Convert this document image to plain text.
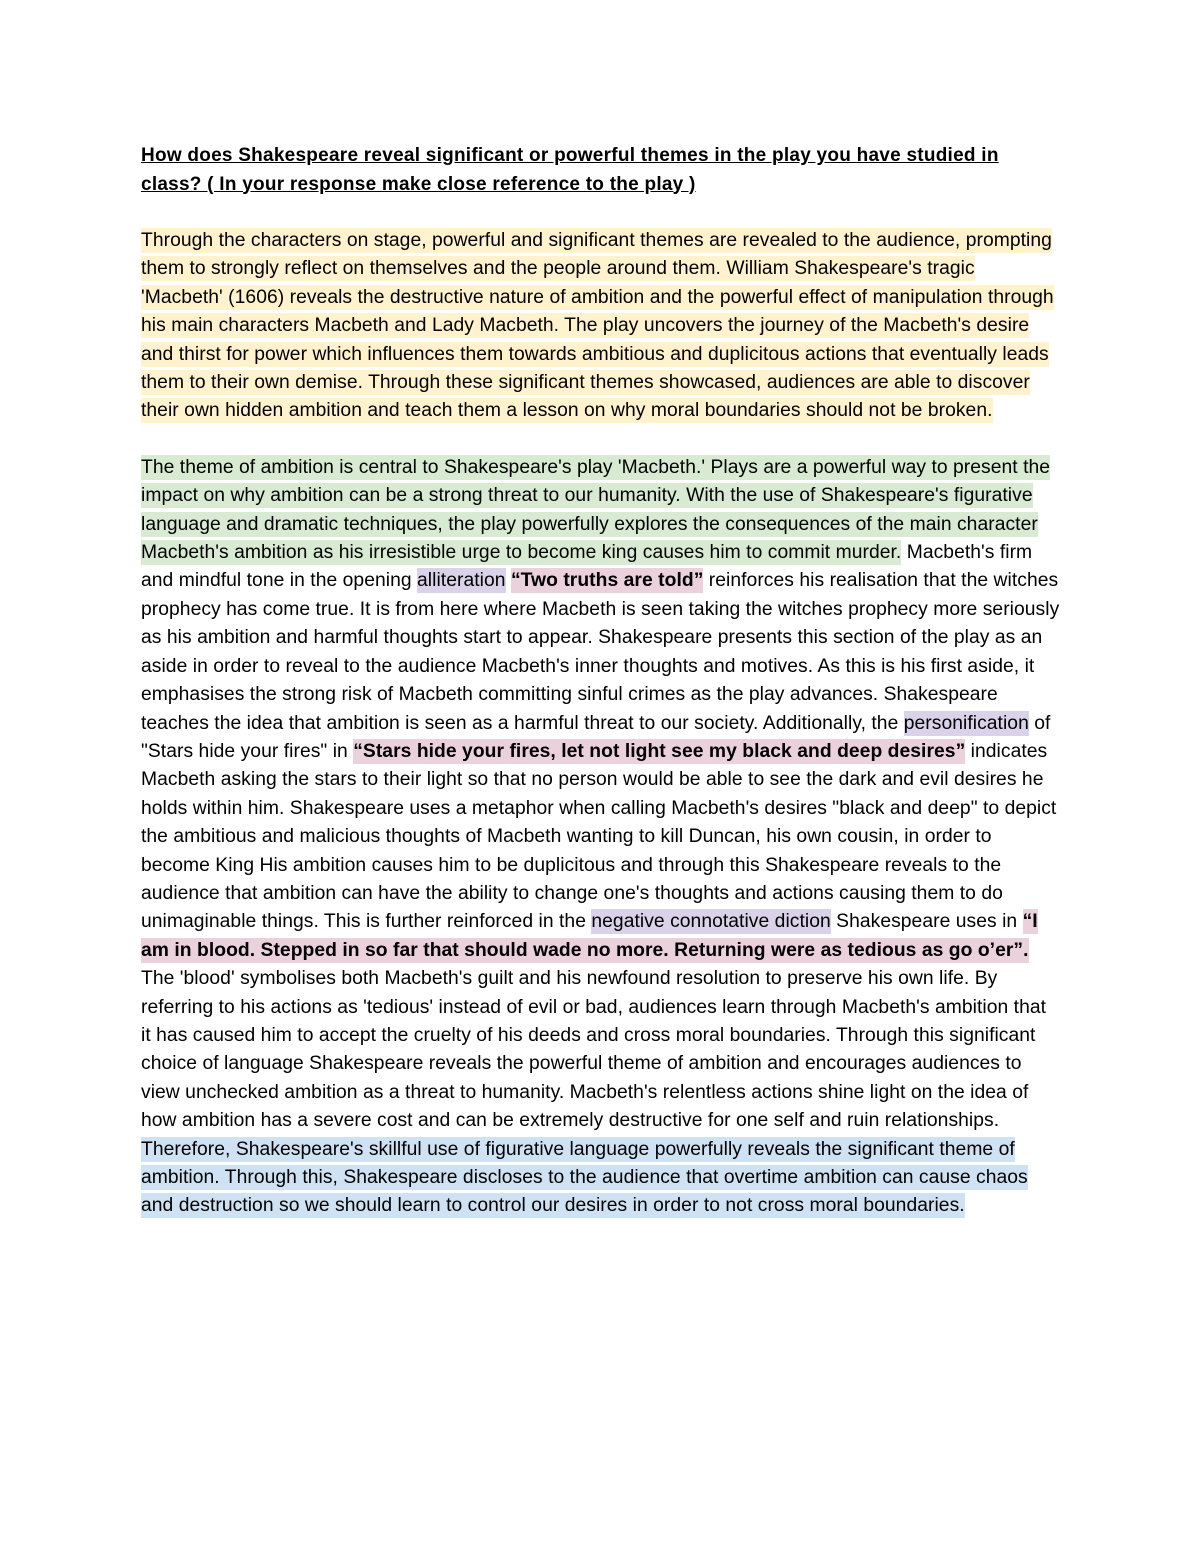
How does Shakespeare reveal significant or powerful themes in the play you have studied in class? ( In your response make close reference to the play )

Through the characters on stage, powerful and significant themes are revealed to the audience, prompting them to strongly reflect on themselves and the people around them. William Shakespeare's tragic 'Macbeth' (1606) reveals the destructive nature of ambition and the powerful effect of manipulation through his main characters Macbeth and Lady Macbeth. The play uncovers the journey of the Macbeth's desire and thirst for power which influences them towards ambitious and duplicitous actions that eventually leads them to their own demise. Through these significant themes showcased, audiences are able to discover their own hidden ambition and teach them a lesson on why moral boundaries should not be broken.

The theme of ambition is central to Shakespeare's play 'Macbeth.' Plays are a powerful way to present the impact on why ambition can be a strong threat to our humanity. With the use of Shakespeare's figurative language and dramatic techniques, the play powerfully explores the consequences of the main character Macbeth's ambition as his irresistible urge to become king causes him to commit murder. Macbeth's firm and mindful tone in the opening alliteration “Two truths are told” reinforces his realisation that the witches prophecy has come true. It is from here where Macbeth is seen taking the witches prophecy more seriously as his ambition and harmful thoughts start to appear. Shakespeare presents this section of the play as an aside in order to reveal to the audience Macbeth's inner thoughts and motives. As this is his first aside, it emphasises the strong risk of Macbeth committing sinful crimes as the play advances. Shakespeare teaches the idea that ambition is seen as a harmful threat to our society. Additionally, the personification of "Stars hide your fires" in “Stars hide your fires, let not light see my black and deep desires” indicates Macbeth asking the stars to their light so that no person would be able to see the dark and evil desires he holds within him. Shakespeare uses a metaphor when calling Macbeth's desires "black and deep" to depict the ambitious and malicious thoughts of Macbeth wanting to kill Duncan, his own cousin, in order to become King His ambition causes him to be duplicitous and through this Shakespeare reveals to the audience that ambition can have the ability to change one's thoughts and actions causing them to do unimaginable things. This is further reinforced in the negative connotative diction Shakespeare uses in “I am in blood. Stepped in so far that should wade no more. Returning were as tedious as go o’er”. The 'blood' symbolises both Macbeth's guilt and his newfound resolution to preserve his own life. By referring to his actions as 'tedious' instead of evil or bad, audiences learn through Macbeth's ambition that it has caused him to accept the cruelty of his deeds and cross moral boundaries. Through this significant choice of language Shakespeare reveals the powerful theme of ambition and encourages audiences to view unchecked ambition as a threat to humanity. Macbeth's relentless actions shine light on the idea of how ambition has a severe cost and can be extremely destructive for one self and ruin relationships. Therefore, Shakespeare's skillful use of figurative language powerfully reveals the significant theme of ambition. Through this, Shakespeare discloses to the audience that overtime ambition can cause chaos and destruction so we should learn to control our desires in order to not cross moral boundaries.
